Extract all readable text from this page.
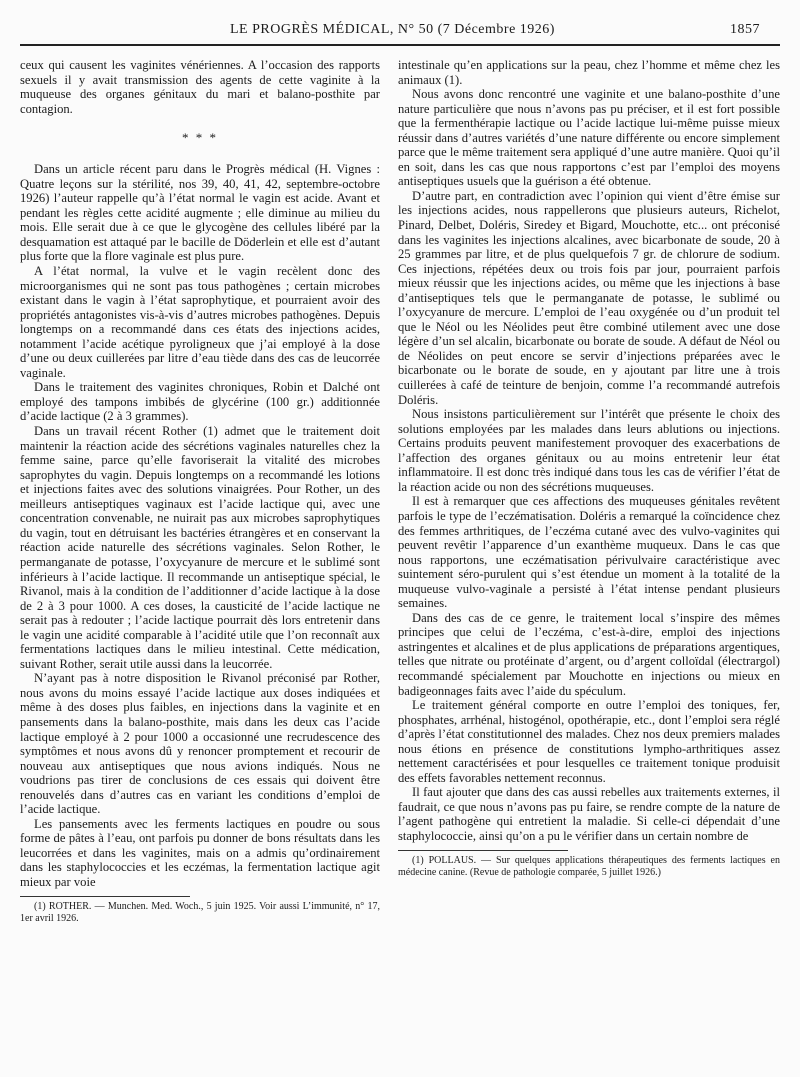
LE PROGRÈS MÉDICAL, N° 50 (7 Décembre 1926)	1857

ceux qui causent les vaginites vénériennes. A l’occasion des rapports sexuels il y avait transmission des agents de cette vaginite à la muqueuse des organes génitaux du mari et balano-posthite par contagion.

* * *

Dans un article récent paru dans le Progrès médical (H. Vignes : Quatre leçons sur la stérilité, nos 39, 40, 41, 42, septembre-octobre 1926) l’auteur rappelle qu’à l’état normal le vagin est acide. Avant et pendant les règles cette acidité augmente ; elle diminue au milieu du mois. Elle serait due à ce que le glycogène des cellules libéré par la desquamation est attaqué par le bacille de Döderlein et elle est d’autant plus forte que la flore vaginale est plus pure.

A l’état normal, la vulve et le vagin recèlent donc des microorganismes qui ne sont pas tous pathogènes ; certain microbes existant dans le vagin à l’état saprophytique, et pourraient avoir des propriétés antagonistes vis-à-vis d’autres microbes pathogènes. Depuis longtemps on a recommandé dans ces états des injections acides, notamment l’acide acétique pyroligneux que j’ai employé à la dose d’une ou deux cuillerées par litre d’eau tiède dans des cas de leucorrée vaginale.

Dans le traitement des vaginites chroniques, Robin et Dalché ont employé des tampons imbibés de glycérine (100 gr.) additionnée d’acide lactique (2 à 3 grammes).

Dans un travail récent Rother (1) admet que le traitement doit maintenir la réaction acide des sécrétions vaginales naturelles chez la femme saine, parce qu’elle favoriserait la vitalité des microbes saprophytes du vagin. Depuis longtemps on a recommandé les lotions et injections faites avec des solutions vinaigrées. Pour Rother, un des meilleurs antiseptiques vaginaux est l’acide lactique qui, avec une concentration convenable, ne nuirait pas aux microbes saprophytiques du vagin, tout en détruisant les bactéries étrangères et en conservant la réaction acide naturelle des sécrétions vaginales. Selon Rother, le permanganate de potasse, l’oxycyanure de mercure et le sublimé sont inférieurs à l’acide lactique. Il recommande un antiseptique spécial, le Rivanol, mais à la condition de l’additionner d’acide lactique à la dose de 2 à 3 pour 1000. A ces doses, la causticité de l’acide lactique ne serait pas à redouter ; l’acide lactique pourrait dès lors entretenir dans le vagin une acidité comparable à l’acidité utile que l’on reconnaît aux fermentations lactiques dans le milieu intestinal. Cette médication, suivant Rother, serait utile aussi dans la leucorrée.

N’ayant pas à notre disposition le Rivanol préconisé par Rother, nous avons du moins essayé l’acide lactique aux doses indiquées et même à des doses plus faibles, en injections dans la vaginite et en pansements dans la balano-posthite, mais dans les deux cas l’acide lactique employé à 2 pour 1000 a occasionné une recrudescence des symptômes et nous avons dû y renoncer promptement et recourir de nouveau aux antiseptiques que nous avions indiqués. Nous ne voudrions pas tirer de conclusions de ces essais qui doivent être renouvelés dans d’autres cas en variant les conditions d’emploi de l’acide lactique.

Les pansements avec les ferments lactiques en poudre ou sous forme de pâtes à l’eau, ont parfois pu donner de bons résultats dans les leucorrées et dans les vaginites, mais on a admis qu’ordinairement dans les staphylococcies et les eczémas, la fermentation lactique agit mieux par voie

(1) ROTHER. — Munchen. Med. Woch., 5 juin 1925. Voir aussi L’immunité, n° 17, 1er avril 1926.

intestinale qu’en applications sur la peau, chez l’homme et même chez les animaux (1).

Nous avons donc rencontré une vaginite et une balano-posthite d’une nature particulière que nous n’avons pas pu préciser, et il est fort possible que la fermenthérapie lactique ou l’acide lactique lui-même puisse mieux réussir dans d’autres variétés d’une nature différente ou encore simplement parce que le même traitement sera appliqué d’une autre manière. Quoi qu’il en soit, dans les cas que nous rapportons c’est par l’emploi des moyens antiseptiques usuels que la guérison a été obtenue.

D’autre part, en contradiction avec l’opinion qui vient d’être émise sur les injections acides, nous rappellerons que plusieurs auteurs, Richelot, Pinard, Delbet, Doléris, Siredey et Bigard, Mouchotte, etc... ont préconisé dans les vaginites les injections alcalines, avec bicarbonate de soude, 20 à 25 grammes par litre, et de plus quelquefois 7 gr. de chlorure de sodium. Ces injections, répétées deux ou trois fois par jour, pourraient parfois mieux réussir que les injections acides, ou même que les injections à base d’antiseptiques tels que le permanganate de potasse, le sublimé ou l’oxycyanure de mercure. L’emploi de l’eau oxygénée ou d’un produit tel que le Néol ou les Néolides peut être combiné utilement avec une dose légère d’un sel alcalin, bicarbonate ou borate de soude. A défaut de Néol ou de Néolides on peut encore se servir d’injections préparées avec le bicarbonate ou le borate de soude, en y ajoutant par litre une à trois cuillerées à café de teinture de benjoin, comme l’a recommandé autrefois Doléris.

Nous insistons particulièrement sur l’intérêt que présente le choix des solutions employées par les malades dans leurs ablutions ou injections. Certains produits peuvent manifestement provoquer des exacerbations de l’affection des organes génitaux ou au moins entretenir leur état inflammatoire. Il est donc très indiqué dans tous les cas de vérifier l’état de la réaction acide ou non des sécrétions muqueuses.

Il est à remarquer que ces affections des muqueuses génitales revêtent parfois le type de l’eczématisation. Doléris a remarqué la coïncidence chez des femmes arthritiques, de l’eczéma cutané avec des vulvo-vaginites qui peuvent revêtir l’apparence d’un exanthème muqueux. Dans le cas que nous rapportons, une eczématisation périvulvaire caractéristique avec suintement séro-purulent qui s’est étendue un moment à la totalité de la muqueuse vulvo-vaginale a persisté à l’état intense pendant plusieurs semaines.

Dans des cas de ce genre, le traitement local s’inspire des mêmes principes que celui de l’eczéma, c’est-à-dire, emploi des injections astringentes et alcalines et de plus applications de préparations argentiques, telles que nitrate ou protéinate d’argent, ou d’argent colloïdal (électrargol) recommandé spécialement par Mouchotte en injections ou mieux en badigeonnages faits avec l’aide du spéculum.

Le traitement général comporte en outre l’emploi des toniques, fer, phosphates, arrhénal, histogénol, opothérapie, etc., dont l’emploi sera réglé d’après l’état constitutionnel des malades. Chez nos deux premiers malades nous étions en présence de constitutions lympho-arthritiques assez nettement caractérisées et pour lesquelles ce traitement tonique produisit des effets favorables nettement reconnus.

Il faut ajouter que dans des cas aussi rebelles aux traitements externes, il faudrait, ce que nous n’avons pas pu faire, se rendre compte de la nature de l’agent pathogène qui entretient la maladie. Si celle-ci dépendait d’une staphylococcie, ainsi qu’on a pu le vérifier dans un certain nombre de

(1) POLLAUS. — Sur quelques applications thérapeutiques des ferments lactiques en médecine canine. (Revue de pathologie comparée, 5 juillet 1926.)
